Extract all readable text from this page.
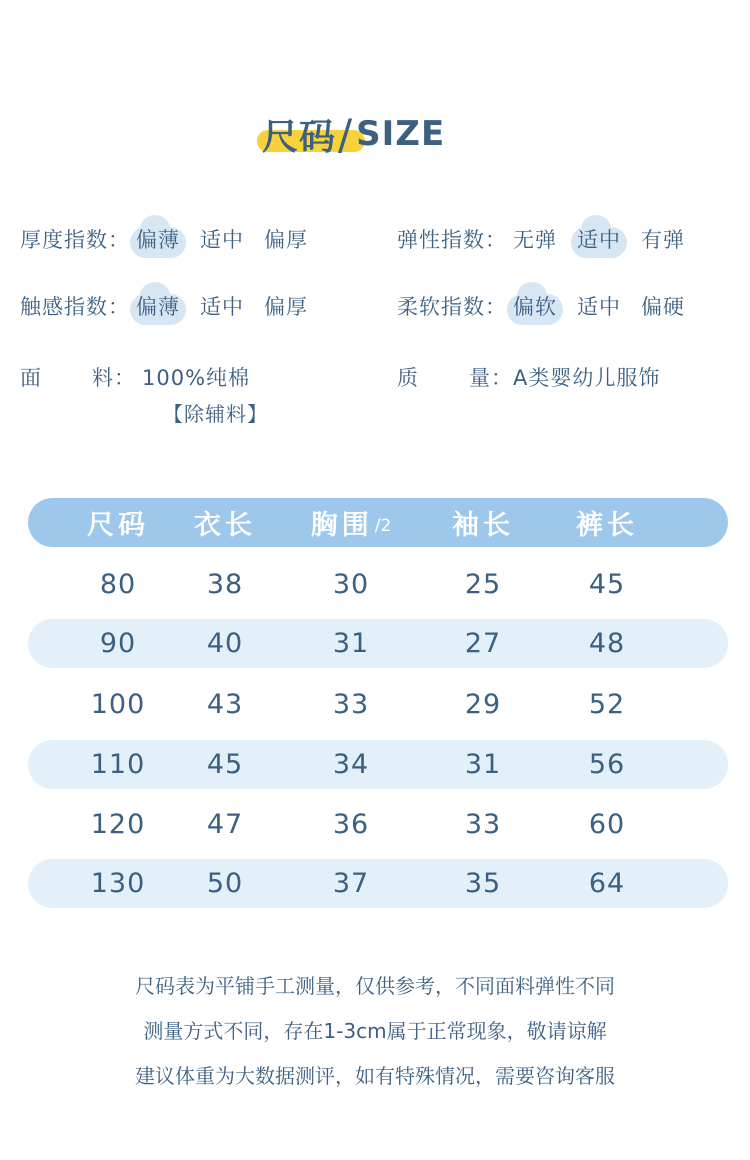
尺码 / SIZE
厚度指数： 偏薄 适中 偏厚	弹性指数： 无弹 适中 有弹
触感指数： 偏薄 适中 偏厚	柔软指数： 偏软 适中 偏硬
面 料： 100%纯棉
【除辅料】
质 量： A类婴幼儿服饰
尺码	衣长	胸围 /2	袖长	裤长
80	38	30	25	45
90	40	31	27	48
100	43	33	29	52
110	45	34	31	56
120	47	36	33	60
130	50	37	35	64
尺码表为平铺手工测量，仅供参考，不同面料弹性不同
测量方式不同，存在1-3cm属于正常现象，敬请谅解
建议体重为大数据测评，如有特殊情况，需要咨询客服
